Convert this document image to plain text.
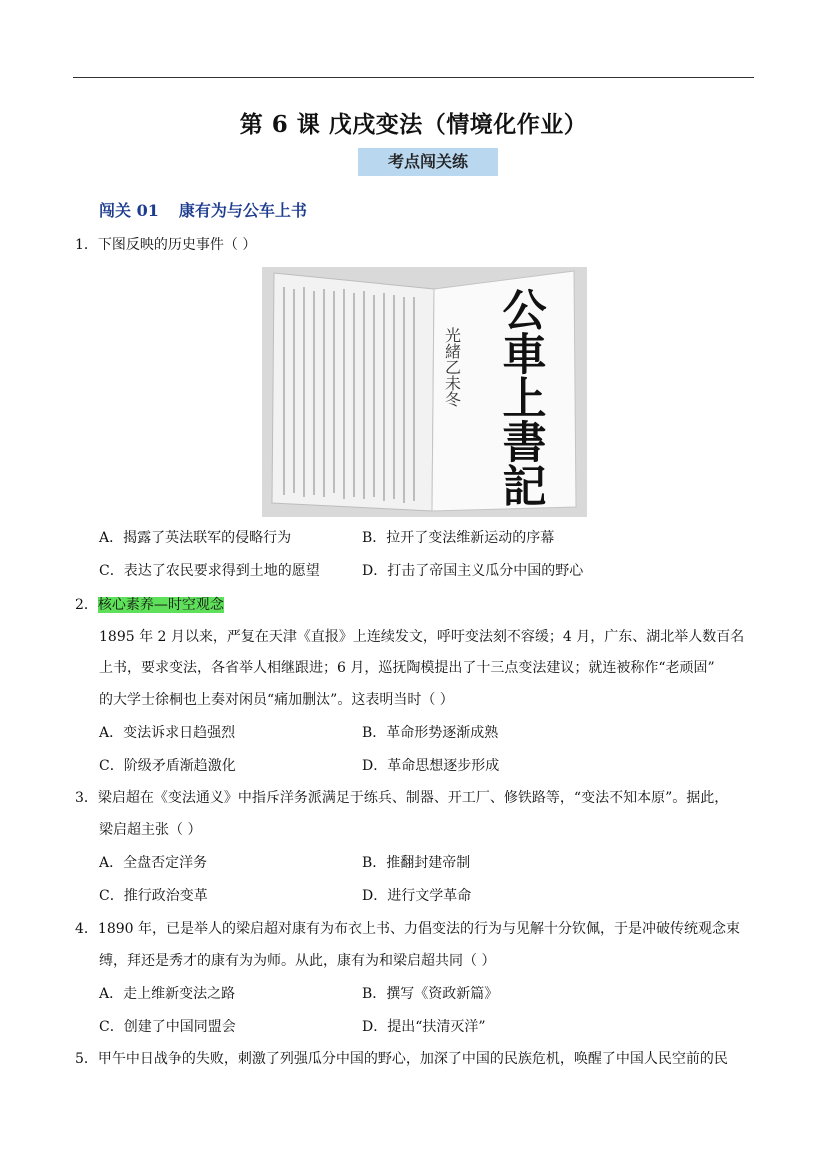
第 6 课 戊戌变法（情境化作业）
考点闯关练
闯关 01 康有为与公车上书
1．下图反映的历史事件（ ）
光緒乙未冬 公車上書記
A．揭露了英法联军的侵略行为	B．拉开了变法维新运动的序幕
C．表达了农民要求得到土地的愿望	D．打击了帝国主义瓜分中国的野心
2．核心素养—时空观念
1895 年 2 月以来，严复在天津《直报》上连续发文，呼吁变法刻不容缓；4 月，广东、湖北举人数百名
上书，要求变法，各省举人相继跟进；6 月，巡抚陶模提出了十三点变法建议；就连被称作“老顽固”
的大学士徐桐也上奏对闲员“痛加删汰”。这表明当时（ ）
A．变法诉求日趋强烈	B．革命形势逐渐成熟
C．阶级矛盾渐趋激化	D．革命思想逐步形成
3．梁启超在《变法通义》中指斥洋务派满足于练兵、制器、开工厂、修铁路等，“变法不知本原”。据此，
梁启超主张（ ）
A．全盘否定洋务	B．推翻封建帝制
C．推行政治变革	D．进行文学革命
4．1890 年，已是举人的梁启超对康有为布衣上书、力倡变法的行为与见解十分钦佩，于是冲破传统观念束
缚，拜还是秀才的康有为为师。从此，康有为和梁启超共同（ ）
A．走上维新变法之路	B．撰写《资政新篇》
C．创建了中国同盟会	D．提出“扶清灭洋”
5．甲午中日战争的失败，刺激了列强瓜分中国的野心，加深了中国的民族危机，唤醒了中国人民空前的民
